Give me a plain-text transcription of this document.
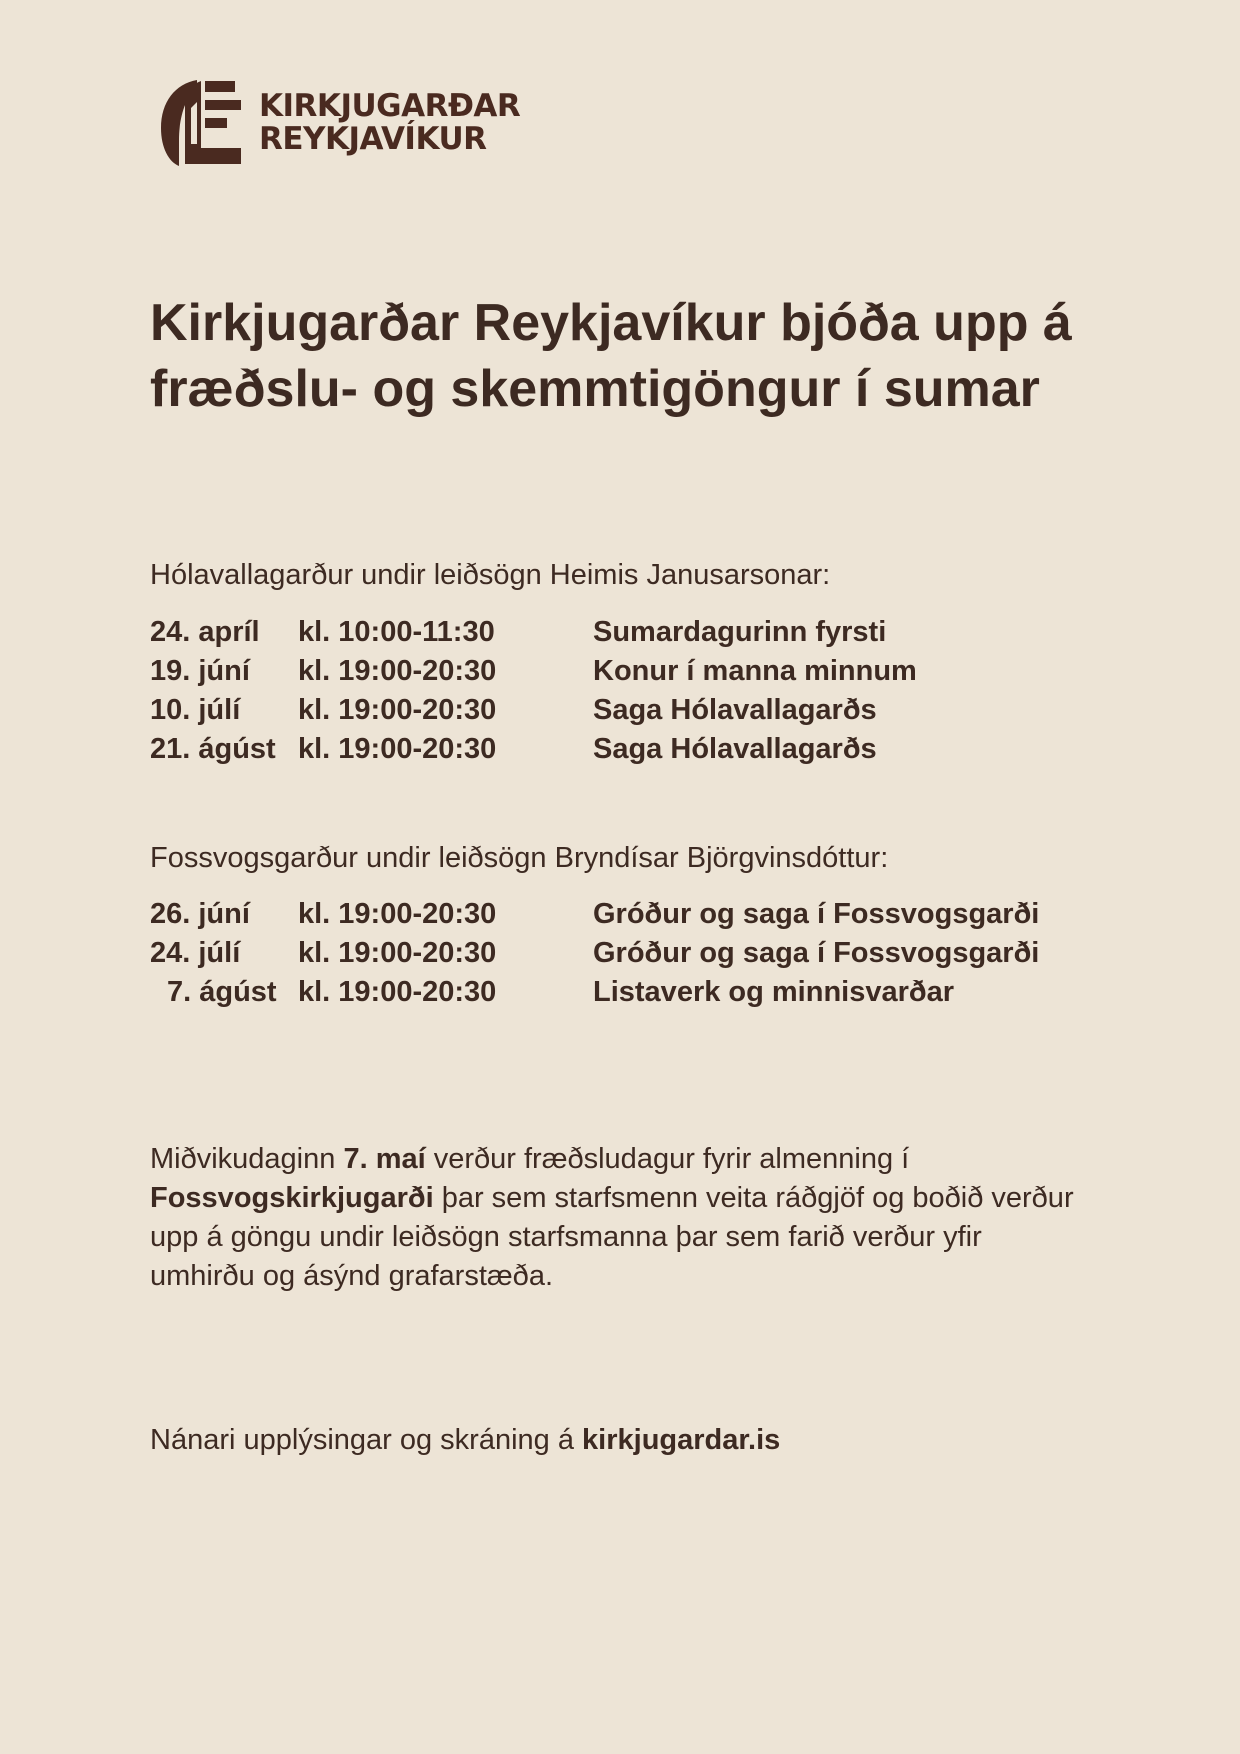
KIRKJUGARÐAR
REYKJAVÍKUR
Kirkjugarðar Reykjavíkur bjóða upp á fræðslu- og skemmtigöngur í sumar
Hólavallagarður undir leiðsögn Heimis Janusarsonar:
24. apríl	kl. 10:00-11:30	Sumardagurinn fyrsti
19. júní	kl. 19:00-20:30	Konur í manna minnum
10. júlí	kl. 19:00-20:30	Saga Hólavallagarðs
21. ágúst kl. 19:00-20:30	Saga Hólavallagarðs
Fossvogsgarður undir leiðsögn Bryndísar Björgvinsdóttur:
26. júní	kl. 19:00-20:30	Gróður og saga í Fossvogsgarði
24. júlí	kl. 19:00-20:30	Gróður og saga í Fossvogsgarði
7. ágúst kl. 19:00-20:30	Listaverk og minnisvarðar

Miðvikudaginn 7. maí verður fræðsludagur fyrir almenning í Fossvogskirkjugarði þar sem starfsmenn veita ráðgjöf og boðið verður upp á göngu undir leiðsögn starfsmanna þar sem farið verður yfir umhirðu og ásýnd grafarstæða.

Nánari upplýsingar og skráning á kirkjugardar.is
